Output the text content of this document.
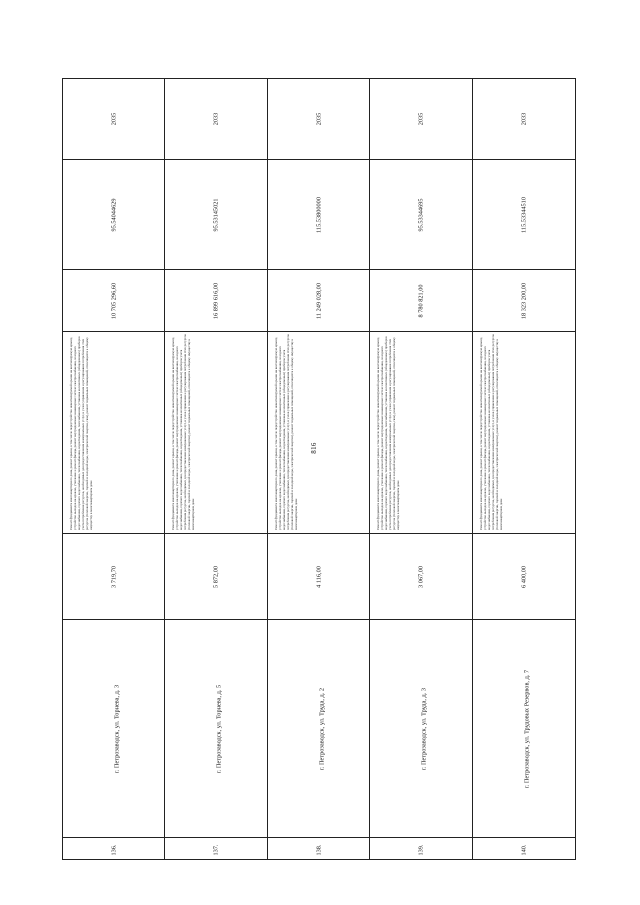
816
2035
95.54044629
10 705 296,60
Ремонт фундамента многоквартирного дома, ремонт крыши, в том числе переустройство невентилируемой крыши на вентилируемую крышу, устройство выходов на кровлю, утепление и ремонт фасада, ремонт внутридомовых инженерных систем электроснабжения, холодного водоснабжения, горячего водоснабжения, теплоснабжения, водоотведения, газоснабжения, установка коллективных (общедомовых) приборов учета потребления ресурсов, необходимых для предоставления коммунальных услуг, и узлов управления и регулирования потребления этих ресурсов (тепловой энергии, горячей и холодной воды, электрической энергии, газа), ремонт подвальных помещений, относящихся к общему имуществу в многоквартирном доме
3 719,70
г. Петрозаводск, ул. Торнева, д. 3
136.
2033
95.53145021
16 899 616,00
Ремонт фундамента многоквартирного дома, ремонт крыши, в том числе переустройство невентилируемой крыши на вентилируемую крышу, устройство выходов на кровлю, утепление и ремонт фасада, ремонт внутридомовых инженерных систем электроснабжения, холодного водоснабжения, горячего водоснабжения, теплоснабжения, водоотведения, установка коллективных (общедомовых) приборов учета потребления ресурсов, необходимых для предоставления коммунальных услуг, и узлов управления и регулирования потребления этих ресурсов (тепловой энергии, горячей и холодной воды, электрической энергии), ремонт подвальных помещений, относящихся к общему имуществу в многоквартирном доме
5 872,00
г. Петрозаводск, ул. Торнева, д. 5
137.
2035
115.53800000
11 249 028,00
Ремонт фундамента многоквартирного дома, ремонт крыши, в том числе переустройство невентилируемой крыши на вентилируемую крышу, устройство выходов на кровлю, утепление и ремонт фасада, ремонт внутридомовых инженерных систем электроснабжения, холодного водоснабжения, горячего водоснабжения, теплоснабжения, водоотведения, установка коллективных (общедомовых) приборов учета потребления ресурсов, необходимых для предоставления коммунальных услуг, и узлов управления и регулирования потребления этих ресурсов (тепловой энергии, горячей и холодной воды, электрической энергии), ремонт подвальных помещений, относящихся к общему имуществу в многоквартирном доме
4 116,00
г. Петрозаводск, ул. Труда, д. 2
138.
2035
95.53344695
8 780 821,00
Ремонт фундамента многоквартирного дома, ремонт крыши, в том числе переустройство невентилируемой крыши на вентилируемую крышу, устройство выходов на кровлю, утепление и ремонт фасада, ремонт внутридомовых инженерных систем электроснабжения, холодного водоснабжения, горячего водоснабжения, теплоснабжения, водоотведения, газоснабжения, установка коллективных (общедомовых) приборов учета потребления ресурсов, необходимых для предоставления коммунальных услуг, и узлов управления и регулирования потребления этих ресурсов (тепловой энергии, горячей и холодной воды, электрической энергии, газа), ремонт подвальных помещений, относящихся к общему имуществу в многоквартирном доме
3 067,00
г. Петрозаводск, ул. Труда, д. 3
139.
2033
115.53344510
18 323 200,00
Ремонт фундамента многоквартирного дома, ремонт крыши, в том числе переустройство невентилируемой крыши на вентилируемую крышу, устройство выходов на кровлю, утепление и ремонт фасада, ремонт внутридомовых инженерных систем электроснабжения, холодного водоснабжения, горячего водоснабжения, теплоснабжения, водоотведения, установка коллективных (общедомовых) приборов учета потребления ресурсов, необходимых для предоставления коммунальных услуг, и узлов управления и регулирования потребления этих ресурсов (тепловой энергии, горячей и холодной воды, электрической энергии), ремонт подвальных помещений, относящихся к общему имуществу в многоквартирном доме
6 400,00
г. Петрозаводск, ул. Трудовых Резервов, д. 7
140.
